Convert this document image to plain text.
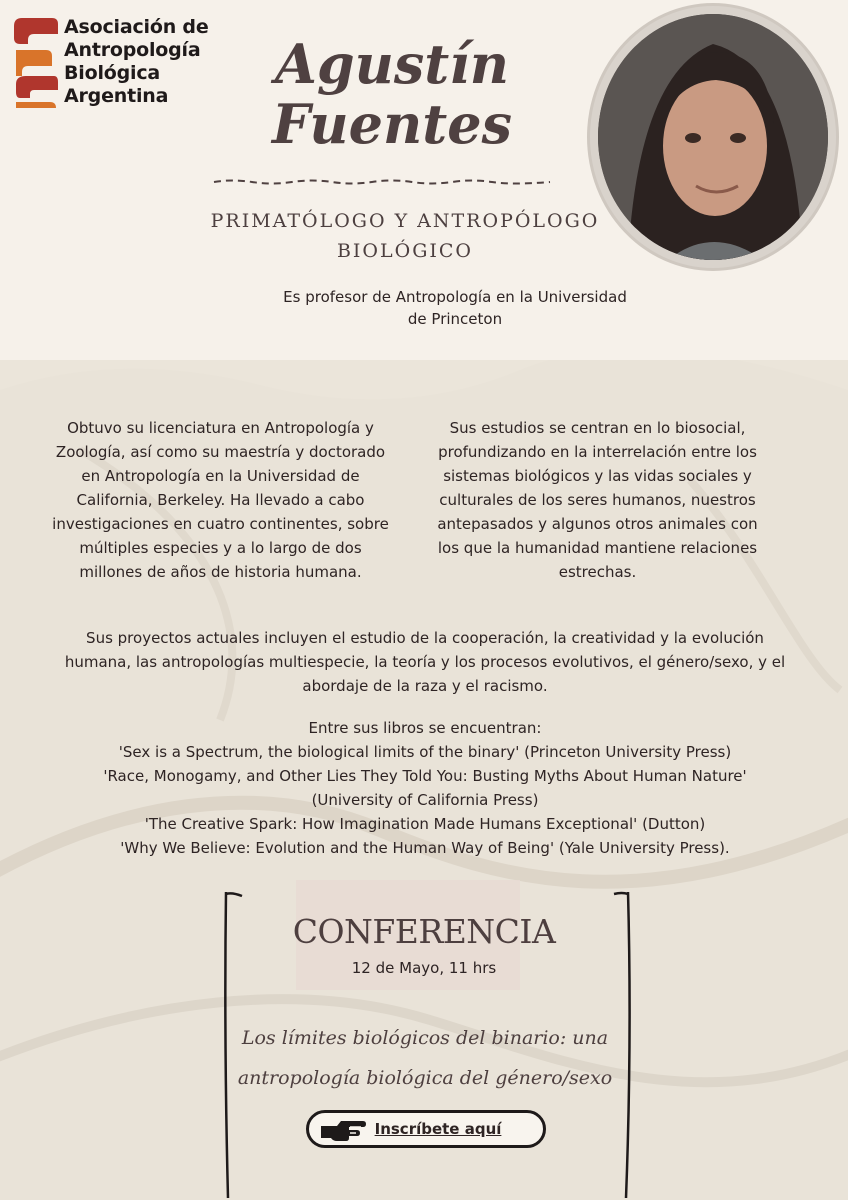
Asociación de
Antropología
Biológica
Argentina	Agustín
Fuentes
PRIMATÓLOGO Y ANTROPÓLOGO BIOLÓGICO
Es profesor de Antropología en la Universidad de Princeton
Obtuvo su licenciatura en Antropología y Zoología, así como su maestría y doctorado en Antropología en la Universidad de California, Berkeley. Ha llevado a cabo investigaciones en cuatro continentes, sobre múltiples especies y a lo largo de dos millones de años de historia humana.
Sus estudios se centran en lo biosocial, profundizando en la interrelación entre los sistemas biológicos y las vidas sociales y culturales de los seres humanos, nuestros antepasados y algunos otros animales con los que la humanidad mantiene relaciones estrechas.
Sus proyectos actuales incluyen el estudio de la cooperación, la creatividad y la evolución humana, las antropologías multiespecie, la teoría y los procesos evolutivos, el género/sexo, y el abordaje de la raza y el racismo.
Entre sus libros se encuentran:
'Sex is a Spectrum, the biological limits of the binary' (Princeton University Press)
'Race, Monogamy, and Other Lies They Told You: Busting Myths About Human Nature'
(University of California Press)
'The Creative Spark: How Imagination Made Humans Exceptional' (Dutton)
'Why We Believe: Evolution and the Human Way of Being' (Yale University Press).
CONFERENCIA
12 de Mayo, 11 hrs
Los límites biológicos del binario: una antropología biológica del género/sexo
Inscríbete aquí
